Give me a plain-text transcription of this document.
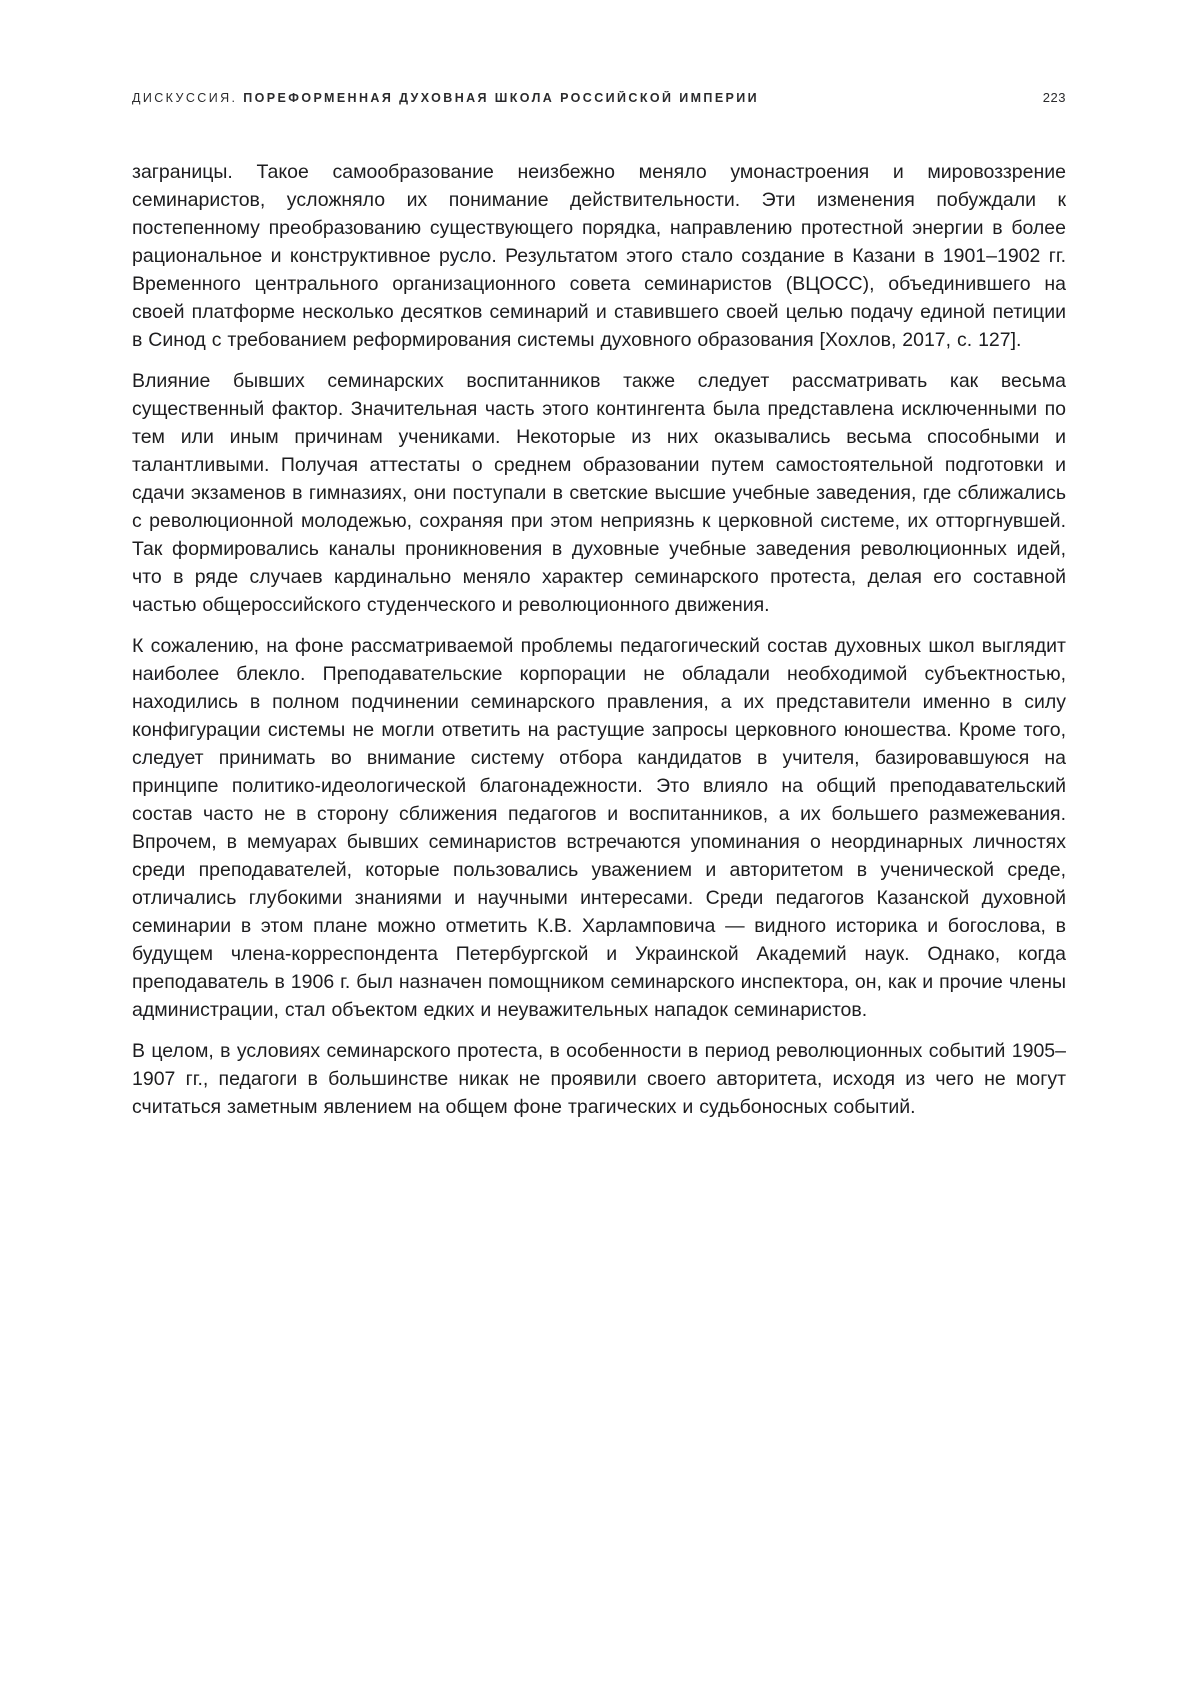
ДИСКУССИЯ. ПОРЕФОРМЕННАЯ ДУХОВНАЯ ШКОЛА РОССИЙСКОЙ ИМПЕРИИ	223

заграницы. Такое самообразование неизбежно меняло умонастроения и мировоззрение семинаристов, усложняло их понимание действительности. Эти изменения побуждали к постепенному преобразованию существующего порядка, направлению протестной энергии в более рациональное и конструктивное русло. Результатом этого стало создание в Казани в 1901–1902 гг. Временного центрального организационного совета семинаристов (ВЦОСС), объединившего на своей платформе несколько десятков семинарий и ставившего своей целью подачу единой петиции в Синод с требованием реформирования системы духовного образования [Хохлов, 2017, с. 127].

Влияние бывших семинарских воспитанников также следует рассматривать как весьма существенный фактор. Значительная часть этого контингента была представлена исключенными по тем или иным причинам учениками. Некоторые из них оказывались весьма способными и талантливыми. Получая аттестаты о среднем образовании путем самостоятельной подготовки и сдачи экзаменов в гимназиях, они поступали в светские высшие учебные заведения, где сближались с революционной молодежью, сохраняя при этом неприязнь к церковной системе, их отторгнувшей. Так формировались каналы проникновения в духовные учебные заведения революционных идей, что в ряде случаев кардинально меняло характер семинарского протеста, делая его составной частью общероссийского студенческого и революционного движения.

К сожалению, на фоне рассматриваемой проблемы педагогический состав духовных школ выглядит наиболее блекло. Преподавательские корпорации не обладали необходимой субъектностью, находились в полном подчинении семинарского правления, а их представители именно в силу конфигурации системы не могли ответить на растущие запросы церковного юношества. Кроме того, следует принимать во внимание систему отбора кандидатов в учителя, базировавшуюся на принципе политико-идеологической благонадежности. Это влияло на общий преподавательский состав часто не в сторону сближения педагогов и воспитанников, а их большего размежевания. Впрочем, в мемуарах бывших семинаристов встречаются упоминания о неординарных личностях среди преподавателей, которые пользовались уважением и авторитетом в ученической среде, отличались глубокими знаниями и научными интересами. Среди педагогов Казанской духовной семинарии в этом плане можно отметить К.В. Харламповича — видного историка и богослова, в будущем члена-корреспондента Петербургской и Украинской Академий наук. Однако, когда преподаватель в 1906 г. был назначен помощником семинарского инспектора, он, как и прочие члены администрации, стал объектом едких и неуважительных нападок семинаристов.

В целом, в условиях семинарского протеста, в особенности в период революционных событий 1905–1907 гг., педагоги в большинстве никак не проявили своего авторитета, исходя из чего не могут считаться заметным явлением на общем фоне трагических и судьбоносных событий.
